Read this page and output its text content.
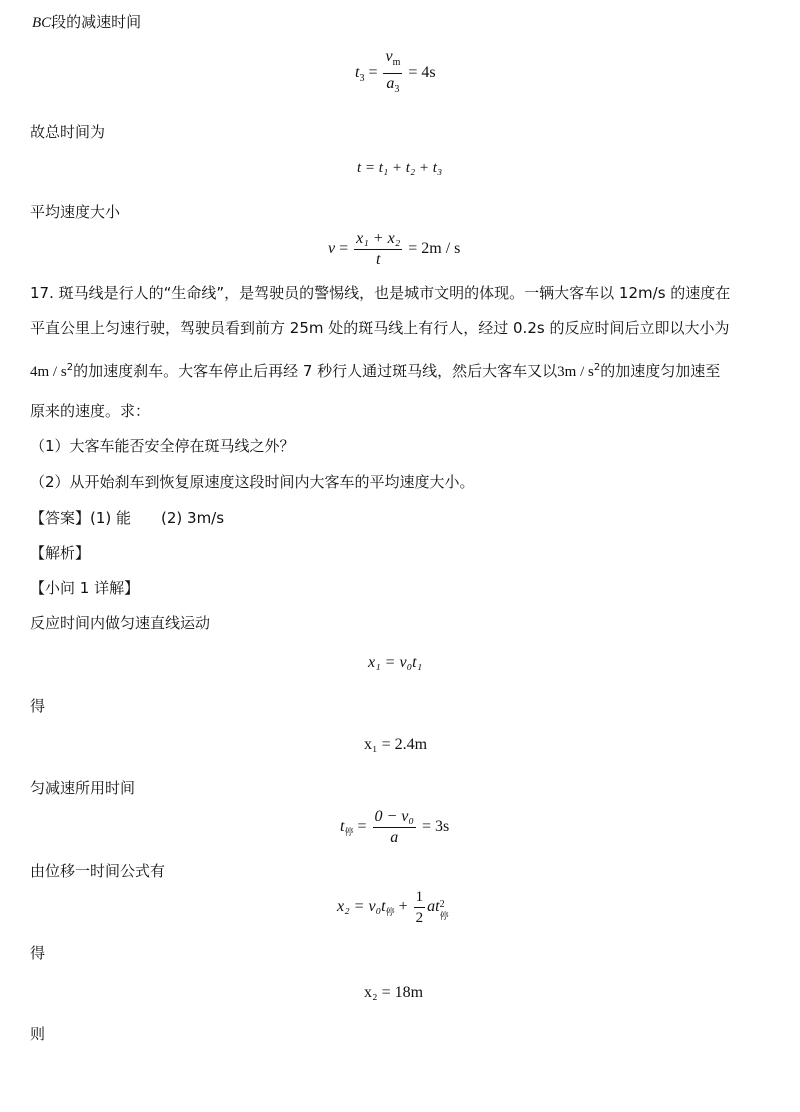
BC段的减速时间
$t_3 = \frac{v_m}{a_3} = 4s$
故总时间为
t = t₁ + t₂ + t₃
平均速度大小
$v = \frac{\text{x₁ + x₂}}{t} = 2m / s$
17. 斑马线是行人的“生命线”，是驾驶员的警惕线，也是城市文明的体现。一辆大客车以 12m/s 的速度在
平直公里上匀速行驶，驾驶员看到前方 25m 处的斑马线上有行人，经过 0.2s 的反应时间后立即以大小为
$4m / s^2$的加速度刹车。大客车停止后再经 7 秒行人通过斑马线，然后大客车又以$3m / s^2$的加速度匀加速至
原来的速度。求：
（1）大客车能否安全停在斑马线之外？
（2）从开始刹车到恢复原速度这段时间内大客车的平均速度大小。
【答案】(1) 能　　(2) 3m/s
【解析】
【小问 1 详解】
反应时间内做匀速直线运动
x₁ = v₀t₁
得
x₁ = 2.4m
匀减速所用时间
$t_停 = \frac{\text{0 − v₀}}{a} = 3s$
由位移一时间公式有
$x_2 = v_0t_停 + \frac{1}{2}$ at 2
停
得
x₂ = 18m
则
